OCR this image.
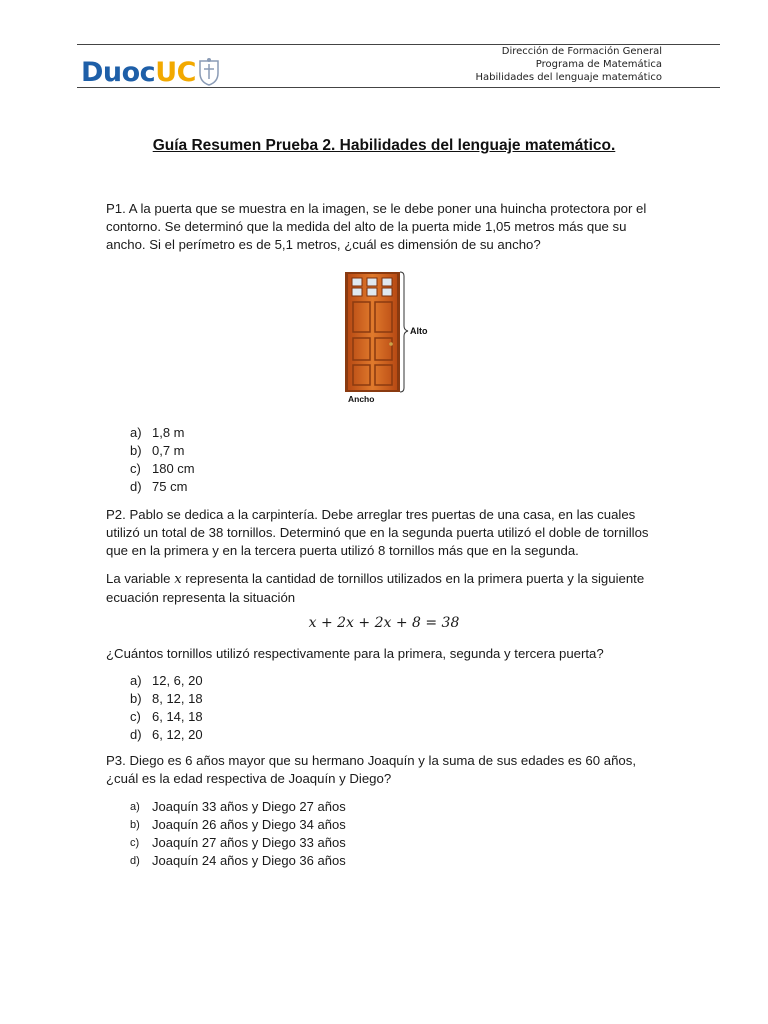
DuocUC
Dirección de Formación General
Programa de Matemática
Habilidades del lenguaje matemático
Guía Resumen Prueba 2. Habilidades del lenguaje matemático.
P1. A la puerta que se muestra en la imagen, se le debe poner una huincha protectora por el contorno. Se determinó que la medida del alto de la puerta mide 1,05 metros más que su ancho. Si el perímetro es de 5,1 metros, ¿cuál es dimensión de su ancho?
Alto
Ancho
a) 1,8 m
b) 0,7 m
c) 180 cm
d) 75 cm
P2. Pablo se dedica a la carpintería. Debe arreglar tres puertas de una casa, en las cuales utilizó un total de 38 tornillos. Determinó que en la segunda puerta utilizó el doble de tornillos que en la primera y en la tercera puerta utilizó 8 tornillos más que en la segunda.
La variable x representa la cantidad de tornillos utilizados en la primera puerta y la siguiente ecuación representa la situación
x + 2x + 2x + 8 = 38
¿Cuántos tornillos utilizó respectivamente para la primera, segunda y tercera puerta?
a) 12, 6, 20
b) 8, 12, 18
c) 6, 14, 18
d) 6, 12, 20
P3. Diego es 6 años mayor que su hermano Joaquín y la suma de sus edades es 60 años, ¿cuál es la edad respectiva de Joaquín y Diego?
a) Joaquín 33 años y Diego 27 años
b) Joaquín 26 años y Diego 34 años
c) Joaquín 27 años y Diego 33 años
d) Joaquín 24 años y Diego 36 años
